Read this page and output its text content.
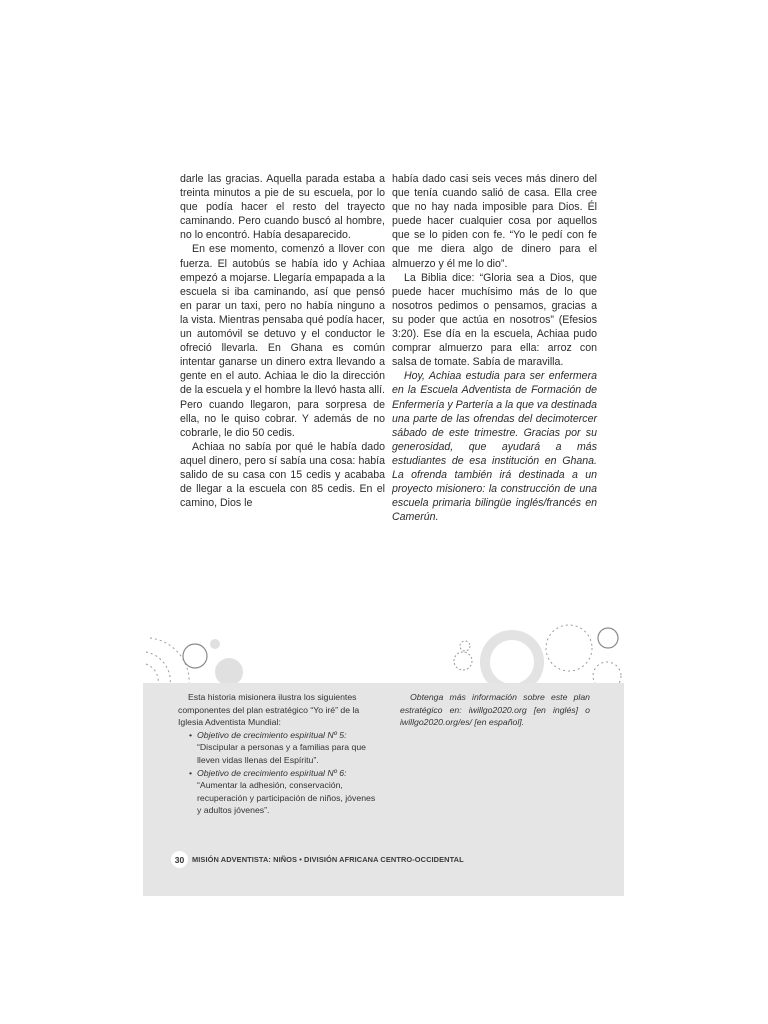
darle las gracias. Aquella parada estaba a treinta minutos a pie de su escuela, por lo que podía hacer el resto del trayecto caminando. Pero cuando buscó al hombre, no lo encontró. Había desaparecido.

En ese momento, comenzó a llover con fuerza. El autobús se había ido y Achiaa empezó a mojarse. Llegaría empapada a la escuela si iba caminando, así que pensó en parar un taxi, pero no había ninguno a la vista. Mientras pensaba qué podía hacer, un automóvil se detuvo y el conductor le ofreció llevarla. En Ghana es común intentar ganarse un dinero extra llevando a gente en el auto. Achiaa le dio la dirección de la escuela y el hombre la llevó hasta allí. Pero cuando llegaron, para sorpresa de ella, no le quiso cobrar. Y además de no cobrarle, le dio 50 cedis.

Achiaa no sabía por qué le había dado aquel dinero, pero sí sabía una cosa: había salido de su casa con 15 cedis y acababa de llegar a la escuela con 85 cedis. En el camino, Dios le

había dado casi seis veces más dinero del que tenía cuando salió de casa. Ella cree que no hay nada imposible para Dios. Él puede hacer cualquier cosa por aquellos que se lo piden con fe. “Yo le pedí con fe que me diera algo de dinero para el almuerzo y él me lo dio”.

La Biblia dice: “Gloria sea a Dios, que puede hacer muchísimo más de lo que nosotros pedimos o pensamos, gracias a su poder que actúa en nosotros” (Efesios 3:20). Ese día en la escuela, Achiaa pudo comprar almuerzo para ella: arroz con salsa de tomate. Sabía de maravilla.

Hoy, Achiaa estudia para ser enfermera en la Escuela Adventista de Formación de Enfermería y Partería a la que va destinada una parte de las ofrendas del decimotercer sábado de este trimestre. Gracias por su generosidad, que ayudará a más estudiantes de esa institución en Ghana. La ofrenda también irá destinada a un proyecto misionero: la construcción de una escuela primaria bilingüe inglés/francés en Camerún.

Esta historia misionera ilustra los siguientes componentes del plan estratégico “Yo iré” de la Iglesia Adventista Mundial:

• Objetivo de crecimiento espiritual Nº 5: “Discipular a personas y a familias para que lleven vidas llenas del Espíritu”.
• Objetivo de crecimiento espiritual Nº 6: “Aumentar la adhesión, conservación, recuperación y participación de niños, jóvenes y adultos jóvenes”.

Obtenga más información sobre este plan estratégico en: iwillgo2020.org [en inglés] o iwillgo2020.org/es/ [en español].

30	MISIÓN ADVENTISTA: NIÑOS • DIVISIÓN AFRICANA CENTRO-OCCIDENTAL
